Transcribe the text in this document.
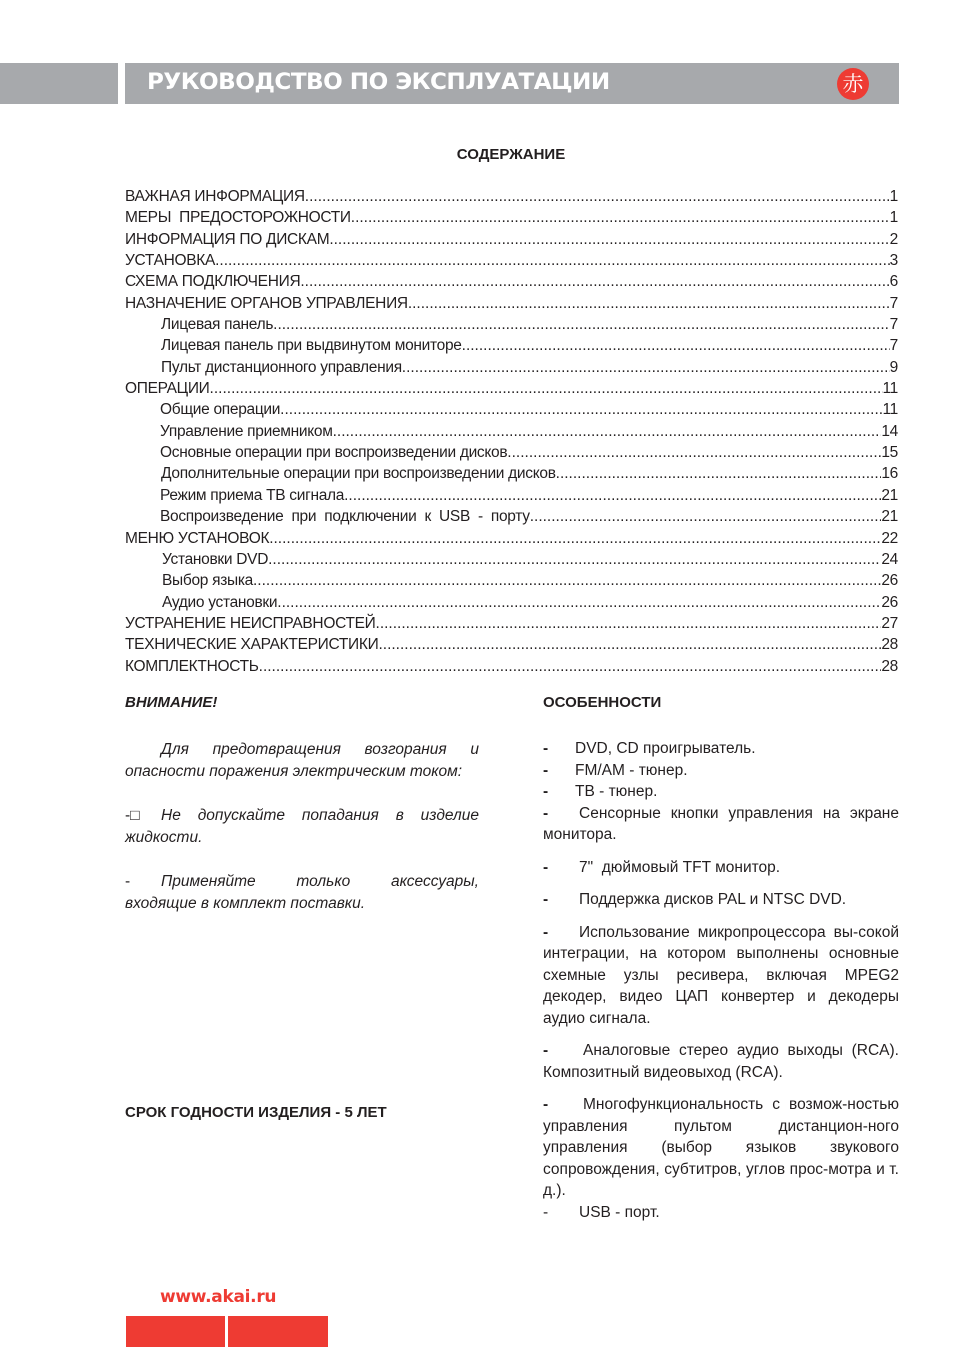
РУКОВОДСТВО ПО ЭКСПЛУАТАЦИИ	赤
СОДЕРЖАНИЕ
ВАЖНАЯ ИНФОРМАЦИЯ .....	1
МЕРЫ  ПРЕДОСТОРОЖНОСТИ .....	1
ИНФОРМАЦИЯ ПО ДИСКАМ .....	2
УСТАНОВКА .....	3
СХЕМА ПОДКЛЮЧЕНИЯ .....	6
НАЗНАЧЕНИЕ ОРГАНОВ УПРАВЛЕНИЯ .....	7
Лицевая панель .....	7
Лицевая панель при выдвинутом мониторе .....	7
Пульт дистанционного управления .....	9
ОПЕРАЦИИ .....	11
Общие операции .....	11
Управление приемником .....	14
Основные операции при воспроизведении дисков .....	15
Дополнительные операции при воспроизведении дисков .....	16
Режим приема ТВ сигнала .....	21
Воспроизведение  при  подключении  к  USB  -  порту .....	21
МЕНЮ УСТАНОВОК .....	22
Установки DVD .....	24
Выбор языка .....	26
Аудио установки .....	26
УСТРАНЕНИЕ НЕИСПРАВНОСТЕЙ .....	27
ТЕХНИЧЕСКИЕ ХАРАКТЕРИСТИКИ .....	28
КОМПЛЕКТНОСТЬ .....	28
ВНИМАНИЕ!

Для предотвращения возгорания и опасности поражения электрическим током:

-□ Не допускайте попадания в изделие жидкости.

- Применяйте только аксессуары, входящие в комплект поставки.

СРОК ГОДНОСТИ ИЗДЕЛИЯ - 5 ЛЕТ
ОСОБЕННОСТИ

- DVD, CD проигрыватель.

- FM/AM - тюнер.

- ТВ - тюнер.

- Сенсорные кнопки управления на экране монитора.

- 7"  дюймовый TFT монитор.

- Поддержка дисков PAL и NTSC DVD.

- Использование микропроцессора вы-сокой интеграции, на котором выполнены основные схемные узлы ресивера, включая MPEG2 декодер, видео ЦАП конвертер и декодеры аудио сигнала.

- Аналоговые стерео аудио выходы (RCA). Композитный видеовыход (RCA).

- Многофункциональность с возмож-ностью управления пультом дистанцион-ного управления (выбор языков звукового сопровождения, субтитров, углов прос-мотра и т. д.).

- USB - порт.

www.akai.ru
